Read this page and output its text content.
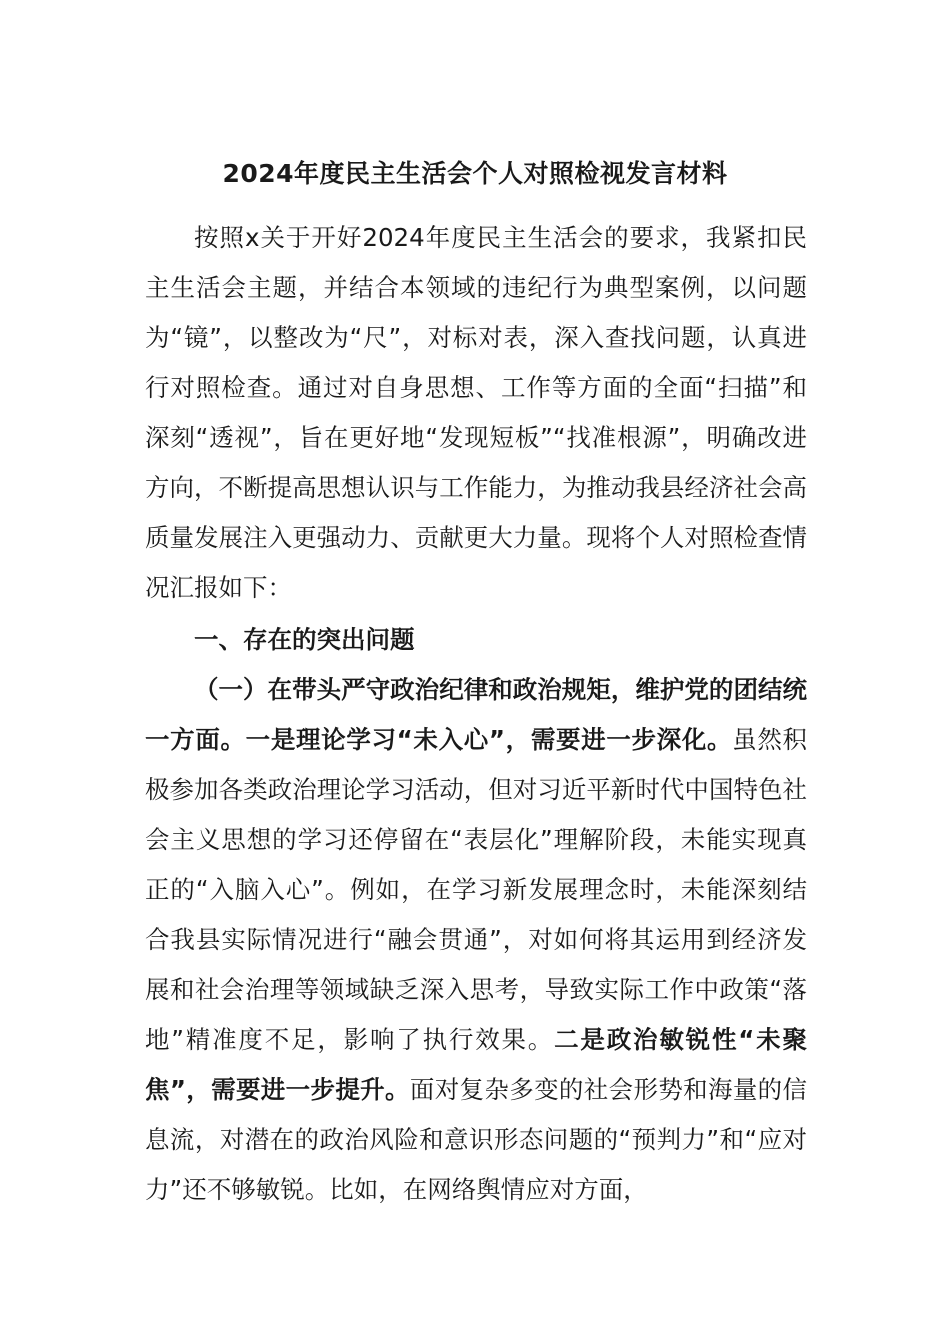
2024年度民主生活会个人对照检视发言材料

按照x关于开好2024年度民主生活会的要求，我紧扣民主生活会主题，并结合本领域的违纪行为典型案例，以问题为“镜”，以整改为“尺”，对标对表，深入查找问题，认真进行对照检查。通过对自身思想、工作等方面的全面“扫描”和深刻“透视”，旨在更好地“发现短板”“找准根源”，明确改进方向，不断提高思想认识与工作能力，为推动我县经济社会高质量发展注入更强动力、贡献更大力量。现将个人对照检查情况汇报如下：

一、存在的突出问题

（一）在带头严守政治纪律和政治规矩，维护党的团结统一方面。一是理论学习“未入心”，需要进一步深化。虽然积极参加各类政治理论学习活动，但对习近平新时代中国特色社会主义思想的学习还停留在“表层化”理解阶段，未能实现真正的“入脑入心”。例如，在学习新发展理念时，未能深刻结合我县实际情况进行“融会贯通”，对如何将其运用到经济发展和社会治理等领域缺乏深入思考，导致实际工作中政策“落地”精准度不足，影响了执行效果。二是政治敏锐性“未聚焦”，需要进一步提升。面对复杂多变的社会形势和海量的信息流，对潜在的政治风险和意识形态问题的“预判力”和“应对力”还不够敏锐。比如，在网络舆情应对方面，
